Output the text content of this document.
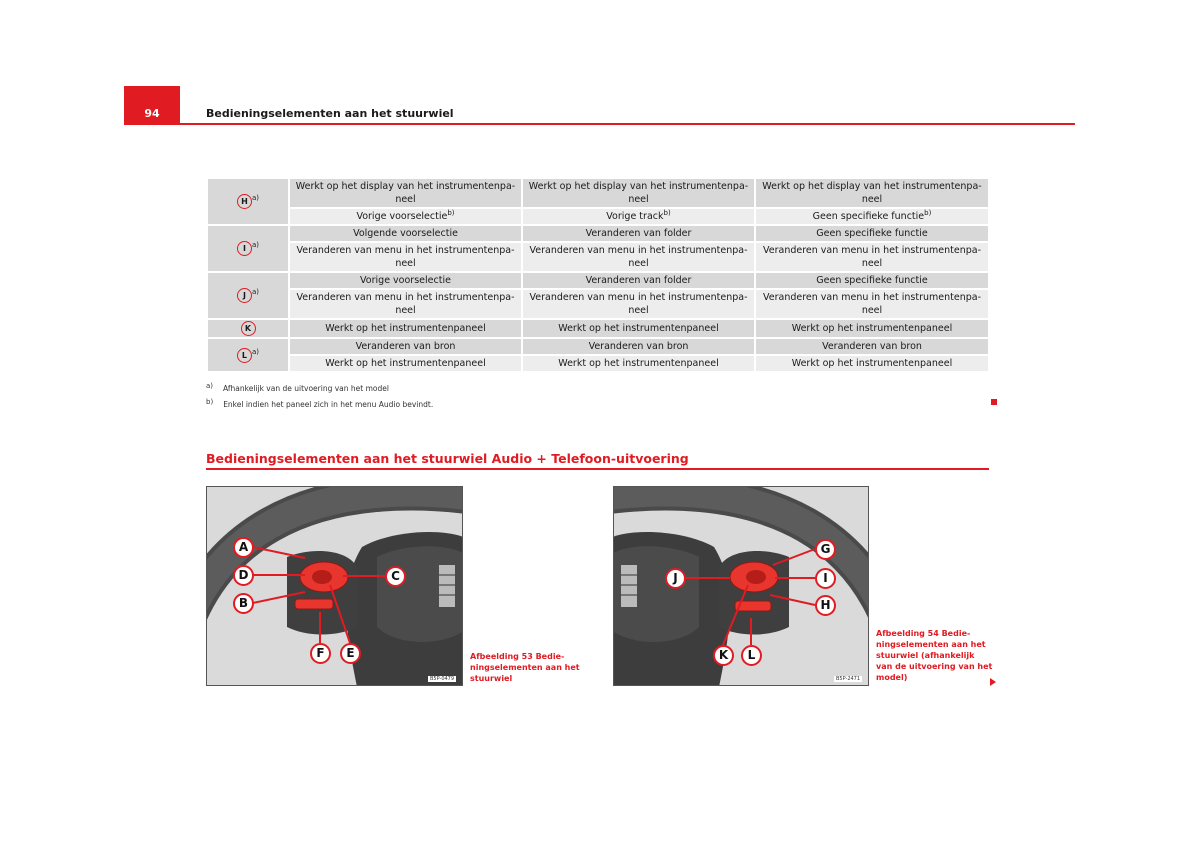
94	Bedieningselementen aan het stuurwiel
H $^{a)}$	Werkt op het display van het instrumentenpa- neel	Werkt op het display van het instrumentenpa- neel	Werkt op het display van het instrumentenpa- neel
	Vorige voorselectie$^{b)}$	Vorige track$^{b)}$	Geen specifieke functie$^{b)}$
I $^{a)}$	Volgende voorselectie	Veranderen van folder	Geen specifieke functie
	Veranderen van menu in het instrumentenpa- neel	Veranderen van menu in het instrumentenpa- neel	Veranderen van menu in het instrumentenpa- neel
J $^{a)}$	Vorige voorselectie	Veranderen van folder	Geen specifieke functie
	Veranderen van menu in het instrumentenpa- neel	Veranderen van menu in het instrumentenpa- neel	Veranderen van menu in het instrumentenpa- neel
K	Werkt op het instrumentenpaneel	Werkt op het instrumentenpaneel	Werkt op het instrumentenpaneel
L $^{a)}$	Veranderen van bron	Veranderen van bron	Veranderen van bron
	Werkt op het instrumentenpaneel	Werkt op het instrumentenpaneel	Werkt op het instrumentenpaneel
$^{a)}$ Afhankelijk van de uitvoering van het model
$^{b)}$ Enkel indien het paneel zich in het menu Audio bevindt.
Bedieningselementen aan het stuurwiel Audio + Telefoon-uitvoering
A
D
B
C
F	E	Afbeelding 53 Bedie-
ningselementen aan het
stuurwiel
G
J	I
H
K	L
Afbeelding 54 Bedie-
ningselementen aan het
stuurwiel (afhankelijk
van de uitvoering van het
model)
B5P-0479	B5P-2471
